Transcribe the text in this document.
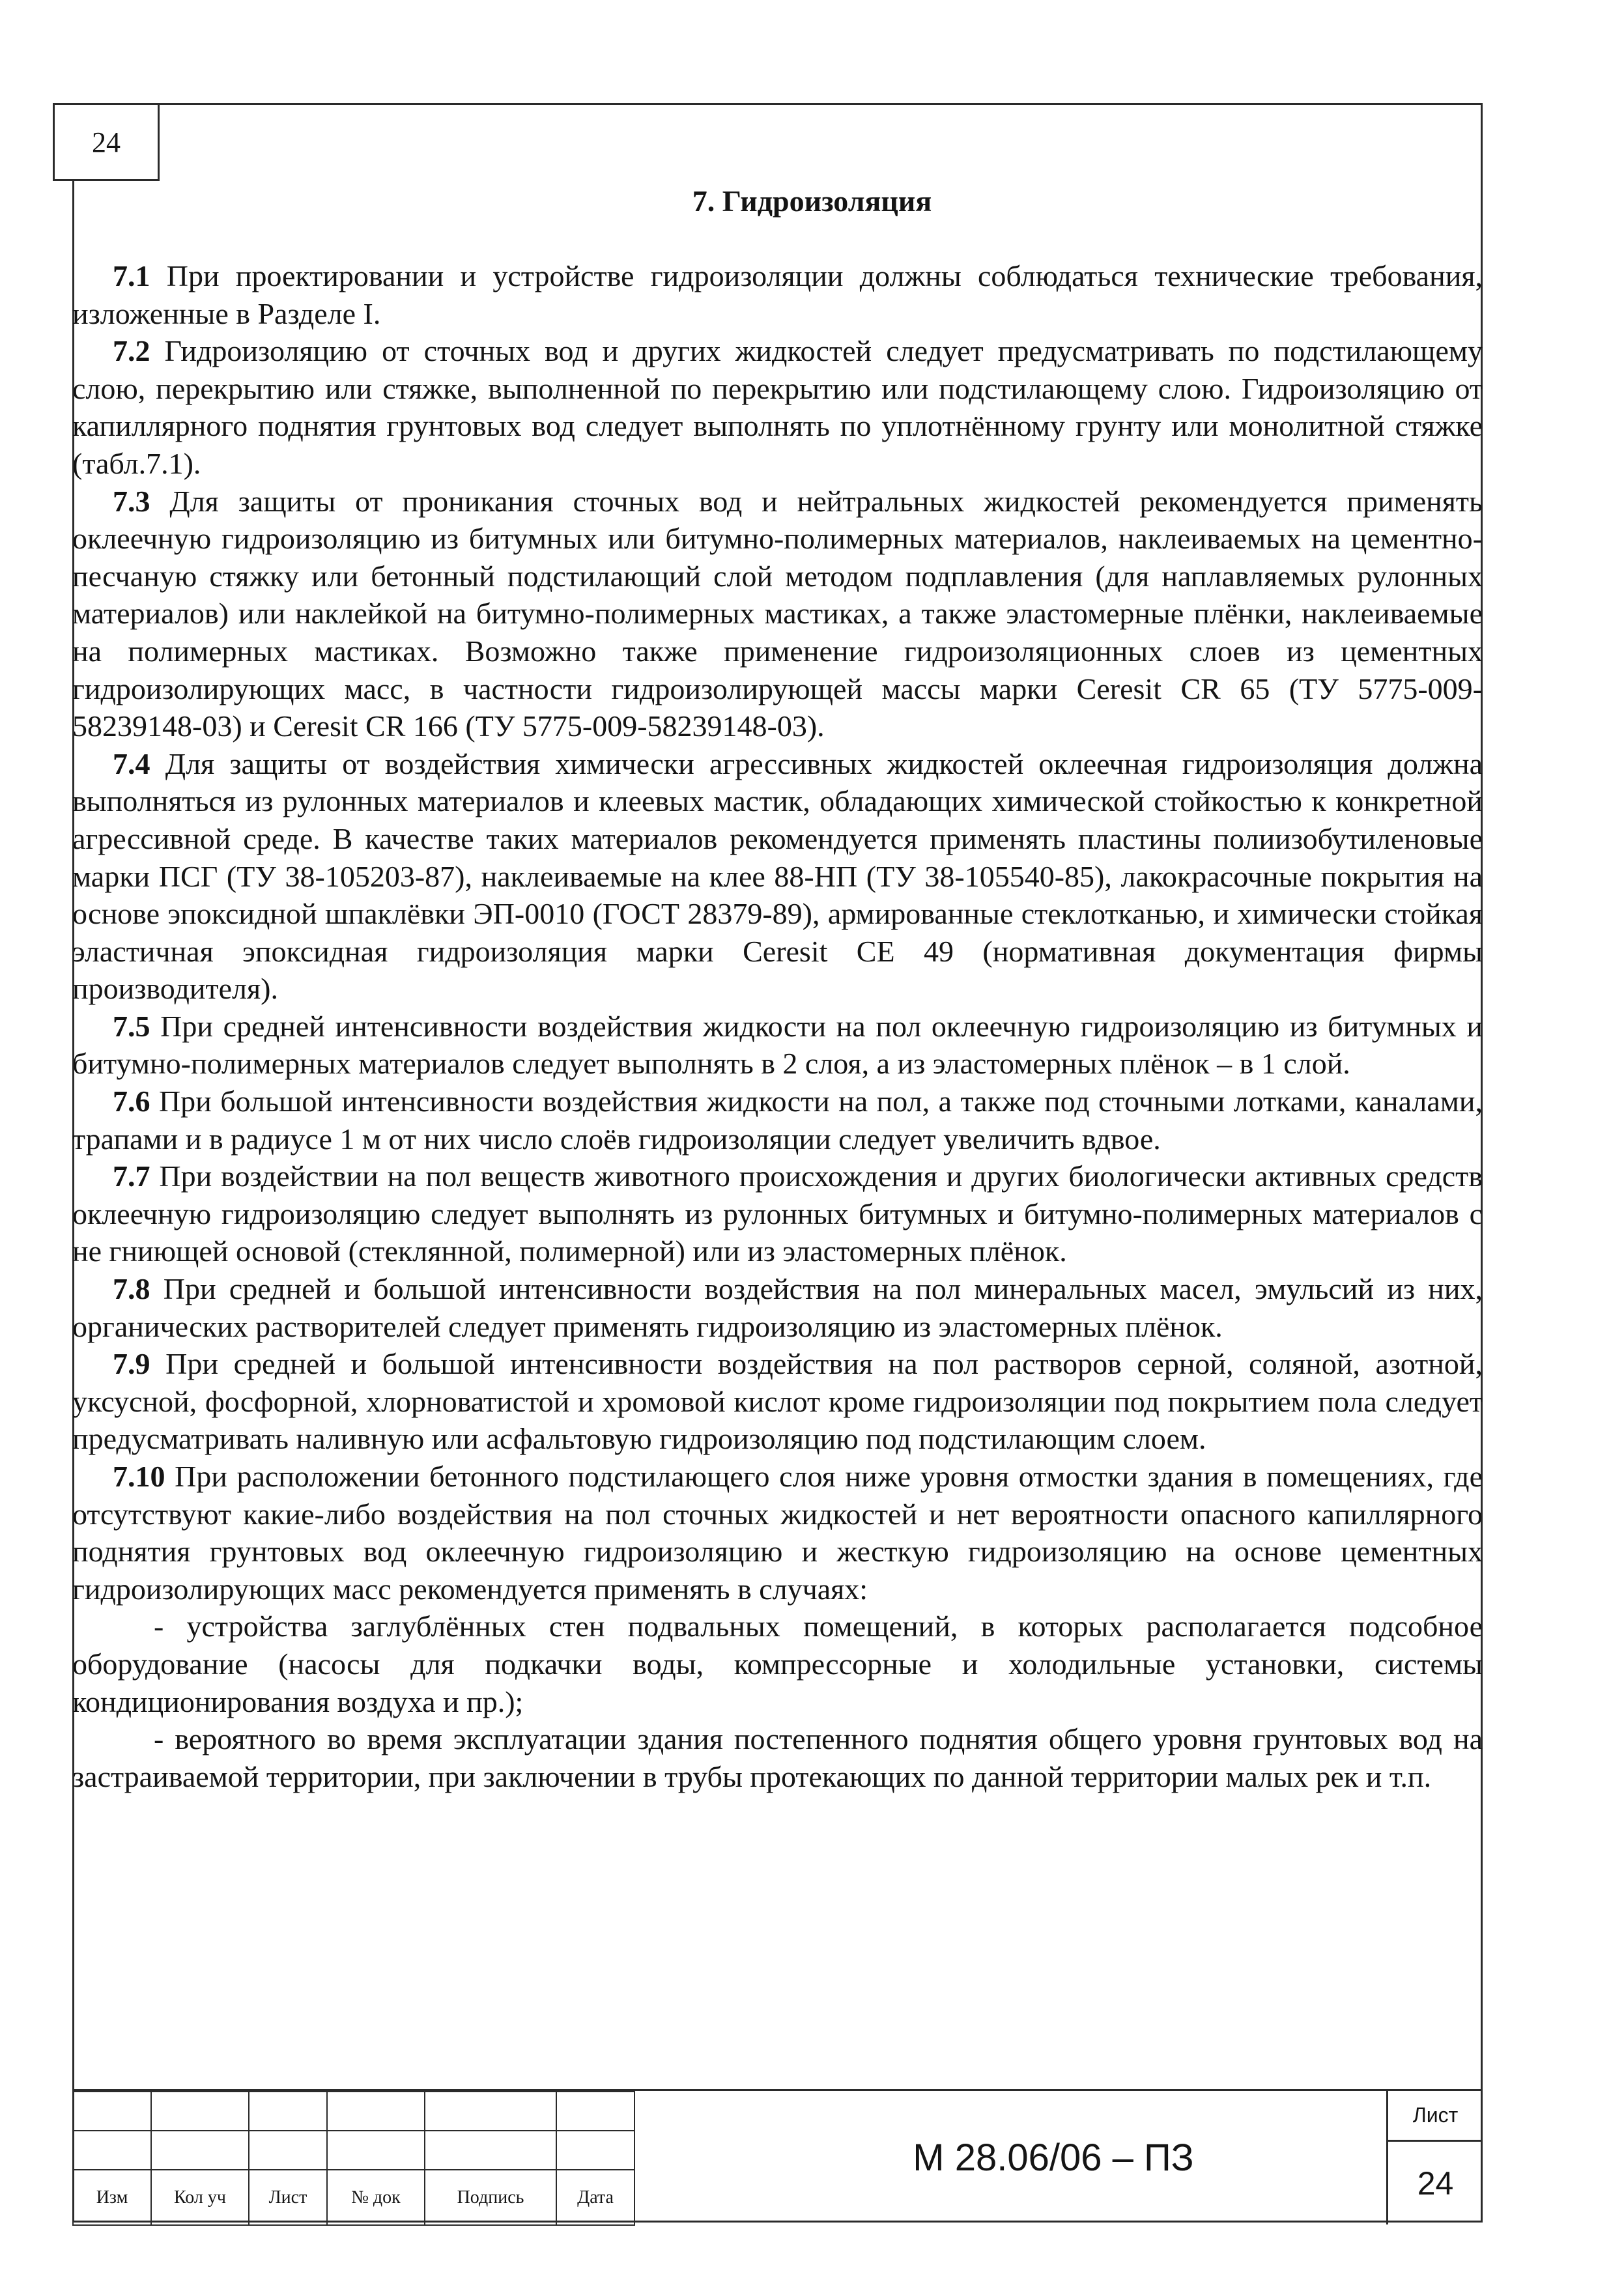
24
7. Гидроизоляция

7.1 При проектировании и устройстве гидроизоляции должны соблюдаться технические требования, изложенные в Разделе I.

7.2 Гидроизоляцию от сточных вод и других жидкостей следует предусматривать по подстилающему слою, перекрытию или стяжке, выполненной по перекрытию или подстилающему слою. Гидроизоляцию от капиллярного поднятия грунтовых вод следует выполнять по уплотнённому грунту или монолитной стяжке (табл.7.1).

7.3 Для защиты от проникания сточных вод и нейтральных жидкостей рекомендуется применять оклеечную гидроизоляцию из битумных или битумно-полимерных материалов, наклеиваемых на цементно-песчаную стяжку или бетонный подстилающий слой методом подплавления (для наплавляемых рулонных материалов) или наклейкой на битумно-полимерных мастиках, а также эластомерные плёнки, наклеиваемые на полимерных мастиках. Возможно также применение гидроизоляционных слоев из цементных гидроизолирующих масс, в частности гидроизолирующей массы марки Ceresit CR 65 (ТУ 5775-009-58239148-03) и Ceresit CR 166 (ТУ 5775-009-58239148-03).

7.4 Для защиты от воздействия химически агрессивных жидкостей оклеечная гидроизоляция должна выполняться из рулонных материалов и клеевых мастик, обладающих химической стойкостью к конкретной агрессивной среде. В качестве таких материалов рекомендуется применять пластины полиизобутиленовые марки ПСГ (ТУ 38-105203-87), наклеиваемые на клее 88-НП (ТУ 38-105540-85), лакокрасочные покрытия на основе эпоксидной шпаклёвки ЭП-0010 (ГОСТ 28379-89), армированные стеклотканью, и химически стойкая эластичная эпоксидная гидроизоляция марки Ceresit CE 49 (нормативная документация фирмы производителя).

7.5 При средней интенсивности воздействия жидкости на пол оклеечную гидроизоляцию из битумных и битумно-полимерных материалов следует выполнять в 2 слоя, а из эластомерных плёнок – в 1 слой.

7.6 При большой интенсивности воздействия жидкости на пол, а также под сточными лотками, каналами, трапами и в радиусе 1 м от них число слоёв гидроизоляции следует увеличить вдвое.

7.7 При воздействии на пол веществ животного происхождения и других биологически активных средств оклеечную гидроизоляцию следует выполнять из рулонных битумных и битумно-полимерных материалов с не гниющей основой (стеклянной, полимерной) или из эластомерных плёнок.

7.8 При средней и большой интенсивности воздействия на пол минеральных масел, эмульсий из них, органических растворителей следует применять гидроизоляцию из эластомерных плёнок.

7.9 При средней и большой интенсивности воздействия на пол растворов серной, соляной, азотной, уксусной, фосфорной, хлорноватистой и хромовой кислот кроме гидроизоляции под покрытием пола следует предусматривать наливную или асфальтовую гидроизоляцию под подстилающим слоем.

7.10 При расположении бетонного подстилающего слоя ниже уровня отмостки здания в помещениях, где отсутствуют какие-либо воздействия на пол сточных жидкостей и нет вероятности опасного капиллярного поднятия грунтовых вод оклеечную гидроизоляцию и жесткую гидроизоляцию на основе цементных гидроизолирующих масс рекомендуется применять в случаях:

- устройства заглублённых стен подвальных помещений, в которых располагается подсобное оборудование (насосы для подкачки воды, компрессорные и холодильные установки, системы кондиционирования воздуха и пр.);

- вероятного во время эксплуатации здания постепенного поднятия общего уровня грунтовых вод на застраиваемой территории, при заключении в трубы протекающих по данной территории малых рек и т.п.

Изм	Кол уч	Лист	№ док	Подпись	Дата
М 28.06/06 – ПЗ
Лист
24
